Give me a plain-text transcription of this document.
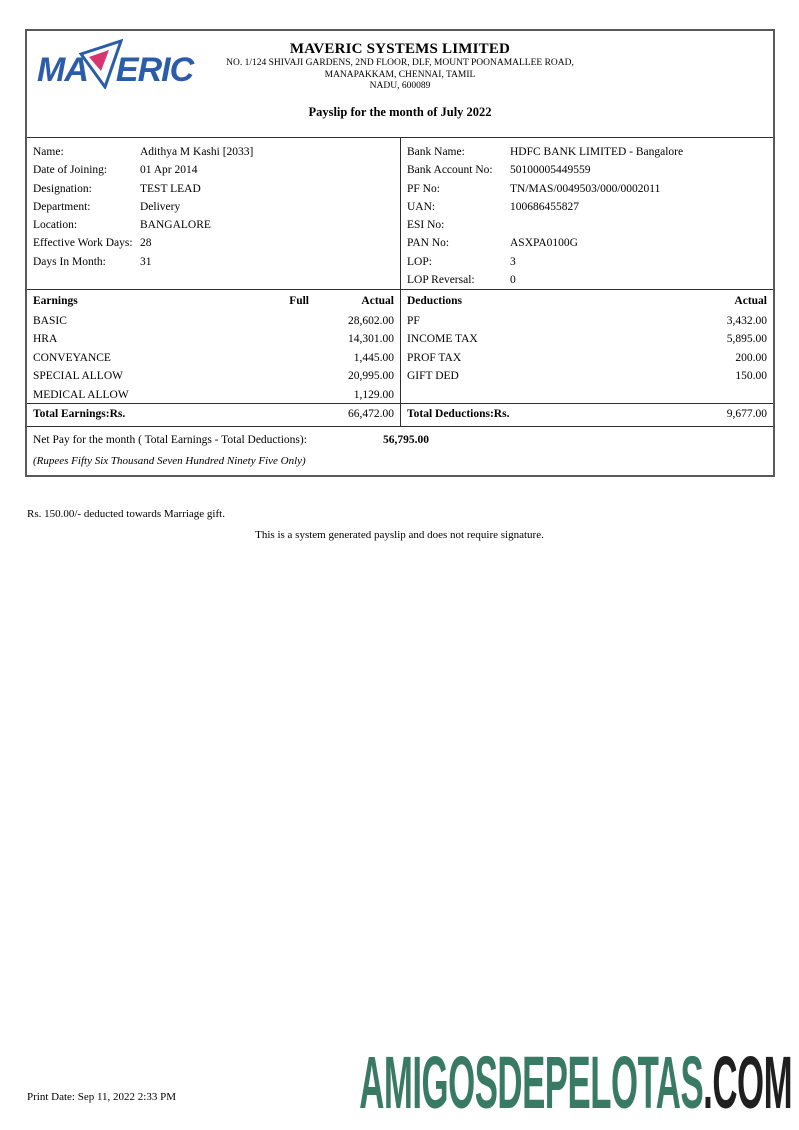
MA ERIC
MAVERIC SYSTEMS LIMITED
NO. 1/124 SHIVAJI GARDENS, 2ND FLOOR, DLF, MOUNT POONAMALLEE ROAD,
MANAPAKKAM, CHENNAI, TAMIL
NADU, 600089
Payslip for the month of July 2022
Name:	Adithya M Kashi [2033]
Date of Joining:	01 Apr 2014
Designation:	TEST LEAD
Department:	Delivery
Location:	BANGALORE
Effective Work Days: 28
Days In Month:	31
Bank Name:	HDFC BANK LIMITED - Bangalore
Bank Account No:	50100005449559
PF No:	TN/MAS/0049503/000/0002011
UAN:	100686455827
ESI No:
PAN No:	ASXPA0100G
LOP:	3
LOP Reversal:	0
Earnings	Full	Actual Deductions	Actual
BASIC	28,602.00
HRA	14,301.00
CONVEYANCE	1,445.00
SPECIAL ALLOW	20,995.00
MEDICAL ALLOW	1,129.00
PF	3,432.00
INCOME TAX	5,895.00
PROF TAX	200.00
GIFT DED	150.00
Total Earnings:Rs.	66,472.00 Total Deductions:Rs.	9,677.00
Net Pay for the month ( Total Earnings - Total Deductions):	56,795.00
(Rupees Fifty Six Thousand Seven Hundred Ninety Five Only)
Rs. 150.00/- deducted towards Marriage gift.
This is a system generated payslip and does not require signature.
Print Date: Sep 11, 2022 2:33 PM AMIGOSDEPELOTAS.COM
